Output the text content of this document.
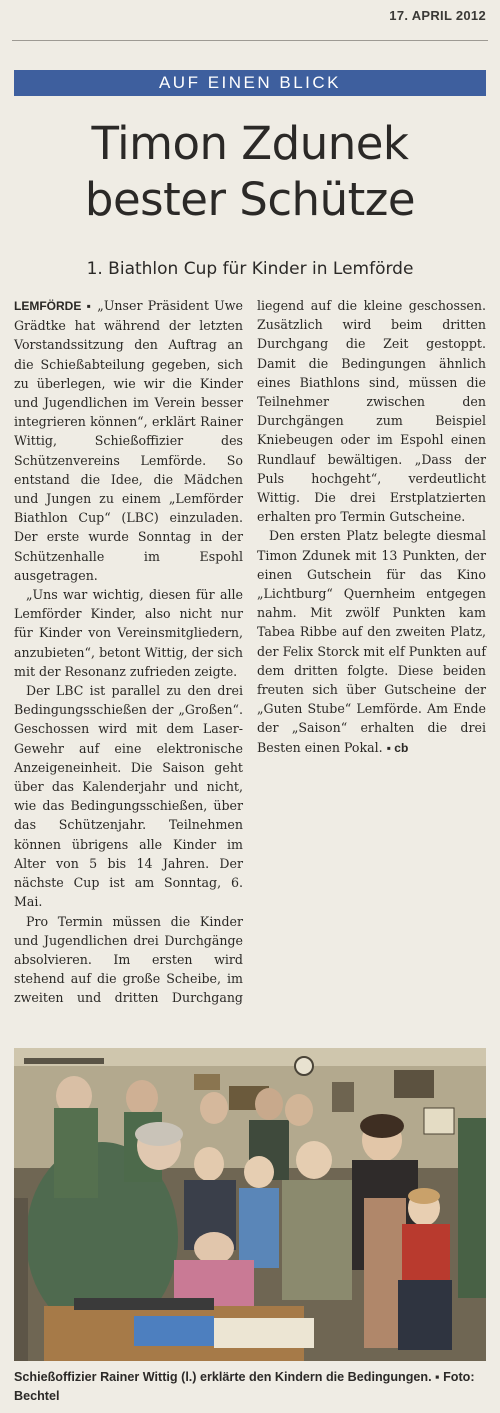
17. APRIL 2012
AUF EINEN BLICK
Timon Zdunek
bester Schütze
1. Biathlon Cup für Kinder in Lemförde

LEMFÖRDE ▪ „Unser Präsident Uwe Grädtke hat während der letzten Vorstandssitzung den Auftrag an die Schießabteilung gegeben, sich zu überlegen, wie wir die Kinder und Jugendlichen im Verein besser integrieren können“, erklärt Rainer Wittig, Schießoffizier des Schützenvereins Lemförde. So entstand die Idee, die Mädchen und Jungen zu einem „Lemförder Biathlon Cup“ (LBC) einzuladen. Der erste wurde Sonntag in der Schützenhalle im Espohl ausgetragen.

„Uns war wichtig, diesen für alle Lemförder Kinder, also nicht nur für Kinder von Vereinsmitgliedern, anzubieten“, betont Wittig, der sich mit der Resonanz zufrieden zeigte.

Der LBC ist parallel zu den drei Bedingungsschießen der „Großen“. Geschossen wird mit dem Laser-Gewehr auf eine elektronische Anzeigeneinheit. Die Saison geht über das Kalenderjahr und nicht, wie das Bedingungsschießen, über das Schützenjahr. Teilnehmen können übrigens alle Kinder im Alter von 5 bis 14 Jahren. Der nächste Cup ist am Sonntag, 6. Mai.

Pro Termin müssen die Kinder und Jugendlichen drei Durchgänge absolvieren. Im ersten wird stehend auf die große Scheibe, im zweiten und dritten Durchgang liegend auf die kleine geschossen. Zusätzlich wird beim dritten Durchgang die Zeit gestoppt. Damit die Bedingungen ähnlich eines Biathlons sind, müssen die Teilnehmer zwischen den Durchgängen zum Beispiel Kniebeugen oder im Espohl einen Rundlauf bewältigen. „Dass der Puls hochgeht“, verdeutlicht Wittig. Die drei Erstplatzierten erhalten pro Termin Gutscheine.

Den ersten Platz belegte diesmal Timon Zdunek mit 13 Punkten, der einen Gutschein für das Kino „Lichtburg“ Quernheim entgegen nahm. Mit zwölf Punkten kam Tabea Ribbe auf den zweiten Platz, der Felix Storck mit elf Punkten auf dem dritten folgte. Diese beiden freuten sich über Gutscheine der „Guten Stube“ Lemförde. Am Ende der „Saison“ erhalten die drei Besten einen Pokal. ▪ cb

Schießoffizier Rainer Wittig (l.) erklärte den Kindern die Bedingungen. ▪ Foto: Bechtel
